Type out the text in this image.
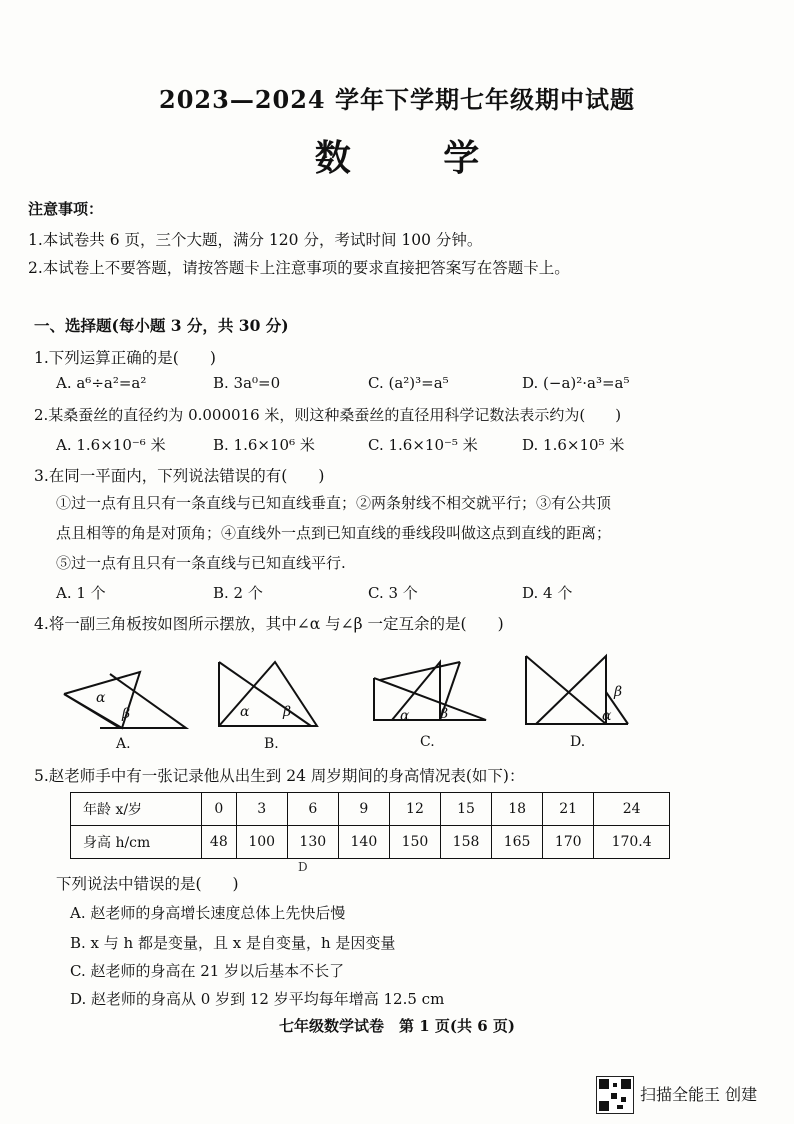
2023—2024 学年下学期七年级期中试题
数 学
注意事项：
1.本试卷共 6 页，三个大题，满分 120 分，考试时间 100 分钟。
2.本试卷上不要答题，请按答题卡上注意事项的要求直接把答案写在答题卡上。
一、选择题(每小题 3 分，共 30 分)
1.下列运算正确的是(　　)
A. a⁶÷a²=a²	B. 3a⁰=0	C. (a²)³=a⁵	D. (−a)²·a³=a⁵
2.某桑蚕丝的直径约为 0.000016 米，则这种桑蚕丝的直径用科学记数法表示约为(　　)
A. 1.6×10⁻⁶ 米	B. 1.6×10⁶ 米	C. 1.6×10⁻⁵ 米	D. 1.6×10⁵ 米
3.在同一平面内，下列说法错误的有(　　)
①过一点有且只有一条直线与已知直线垂直；②两条射线不相交就平行；③有公共顶
点且相等的角是对顶角；④直线外一点到已知直线的垂线段叫做这点到直线的距离；
⑤过一点有且只有一条直线与已知直线平行.
A. 1 个	B. 2 个	C. 3 个	D. 4 个
4.将一副三角板按如图所示摆放，其中∠α 与∠β 一定互余的是(　　)
α
β
A.
α β
B.
α β
C.
β
α
D.
5.赵老师手中有一张记录他从出生到 24 周岁期间的身高情况表(如下)：
年龄 x/岁	0	3	6	9	12	15	18	21	24
身高 h/cm	48	100	130	140	150	158	165	170	170.4
D
下列说法中错误的是(　　)
A. 赵老师的身高增长速度总体上先快后慢
B. x 与 h 都是变量，且 x 是自变量，h 是因变量
C. 赵老师的身高在 21 岁以后基本不长了
D. 赵老师的身高从 0 岁到 12 岁平均每年增高 12.5 cm
七年级数学试卷　第 1 页(共 6 页)
扫描全能王 创建
